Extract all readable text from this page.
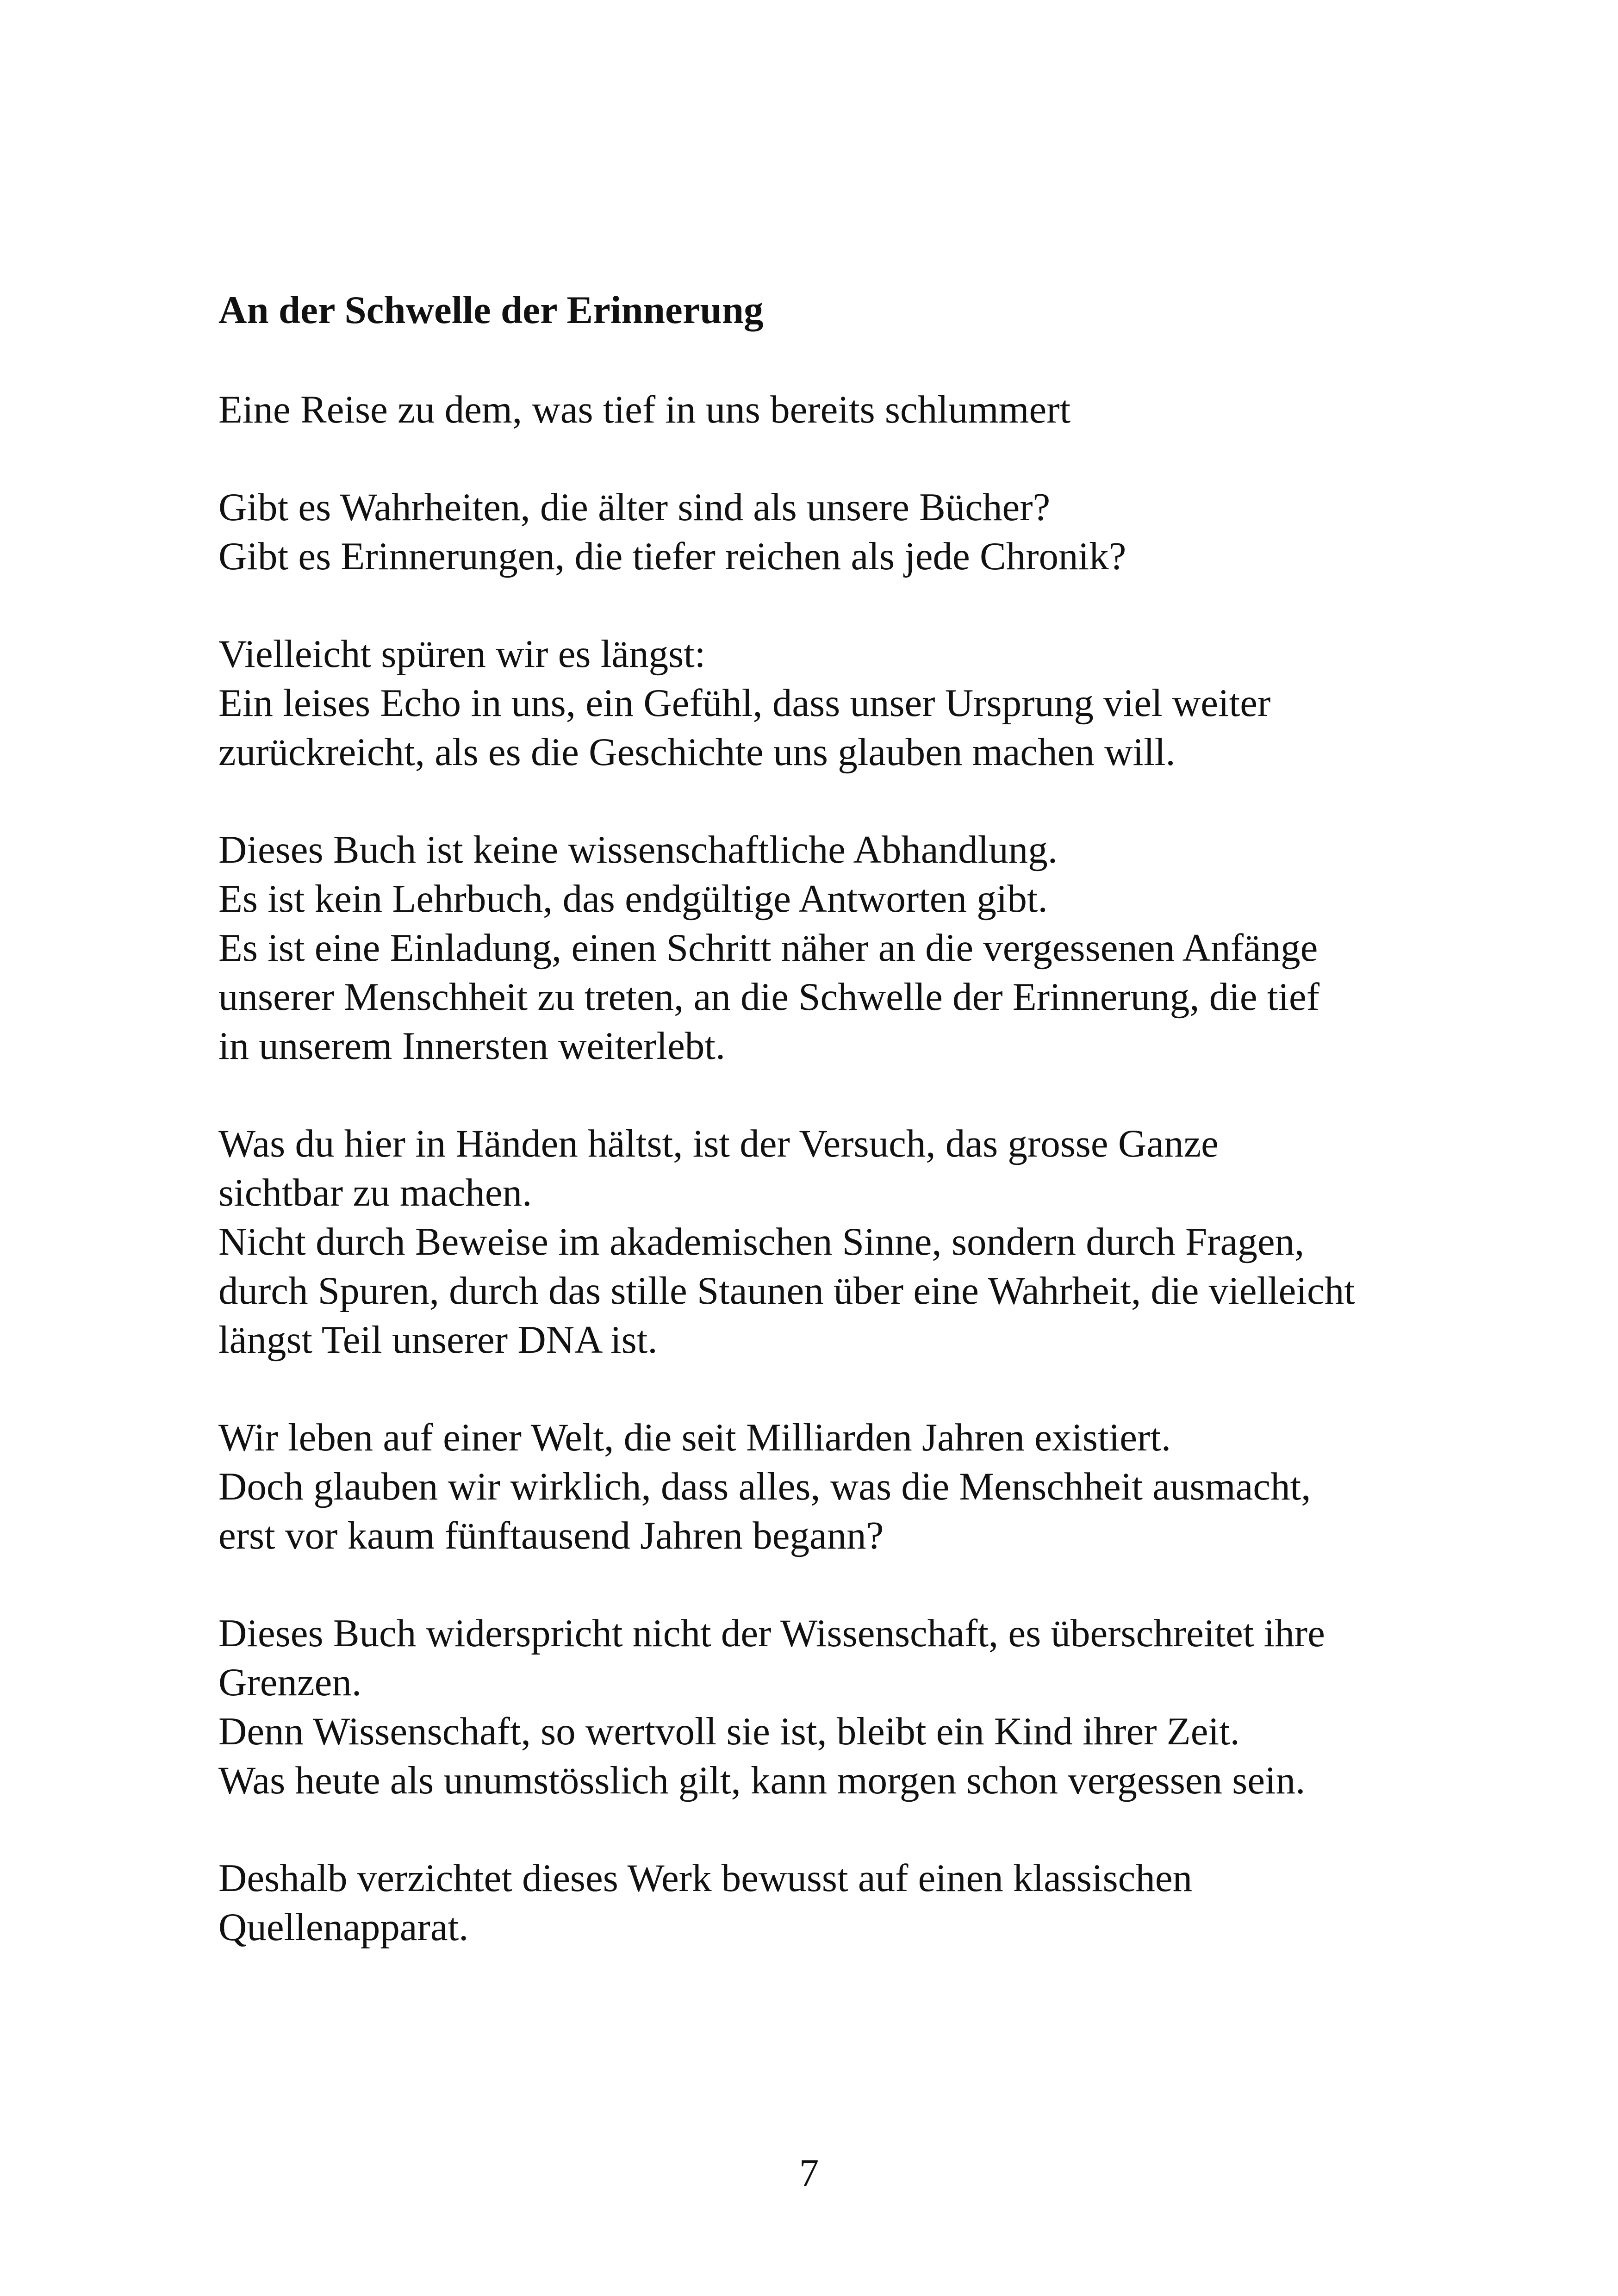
An der Schwelle der Erinnerung
Eine Reise zu dem, was tief in uns bereits schlummert
Gibt es Wahrheiten, die älter sind als unsere Bücher?
Gibt es Erinnerungen, die tiefer reichen als jede Chronik?
Vielleicht spüren wir es längst:
Ein leises Echo in uns, ein Gefühl, dass unser Ursprung viel weiter
zurückreicht, als es die Geschichte uns glauben machen will.
Dieses Buch ist keine wissenschaftliche Abhandlung.
Es ist kein Lehrbuch, das endgültige Antworten gibt.
Es ist eine Einladung, einen Schritt näher an die vergessenen Anfänge
unserer Menschheit zu treten, an die Schwelle der Erinnerung, die tief
in unserem Innersten weiterlebt.
Was du hier in Händen hältst, ist der Versuch, das grosse Ganze
sichtbar zu machen.
Nicht durch Beweise im akademischen Sinne, sondern durch Fragen,
durch Spuren, durch das stille Staunen über eine Wahrheit, die vielleicht
längst Teil unserer DNA ist.
Wir leben auf einer Welt, die seit Milliarden Jahren existiert.
Doch glauben wir wirklich, dass alles, was die Menschheit ausmacht,
erst vor kaum fünftausend Jahren begann?
Dieses Buch widerspricht nicht der Wissenschaft, es überschreitet ihre
Grenzen.
Denn Wissenschaft, so wertvoll sie ist, bleibt ein Kind ihrer Zeit.
Was heute als unumstösslich gilt, kann morgen schon vergessen sein.
Deshalb verzichtet dieses Werk bewusst auf einen klassischen
Quellenapparat.
7
